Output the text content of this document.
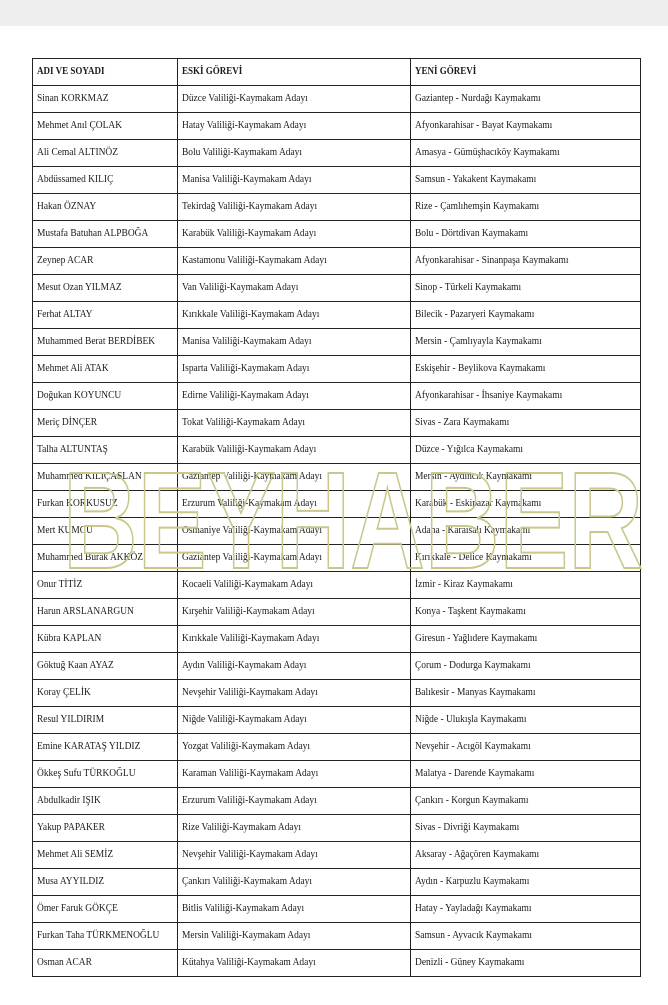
ADI VE SOYADI	ESKİ GÖREVİ	YENİ GÖREVİ
Sinan KORKMAZ	Düzce Valiliği-Kaymakam Adayı	Gaziantep - Nurdağı Kaymakamı
Mehmet Anıl ÇOLAK	Hatay Valiliği-Kaymakam Adayı	Afyonkarahisar - Bayat Kaymakamı
Ali Cemal ALTINÖZ	Bolu Valiliği-Kaymakam Adayı	Amasya - Gümüşhacıköy Kaymakamı
Abdüssamed KILIÇ	Manisa Valiliği-Kaymakam Adayı	Samsun - Yakakent Kaymakamı
Hakan ÖZNAY	Tekirdağ Valiliği-Kaymakam Adayı	Rize - Çamlıhemşin Kaymakamı
Mustafa Batuhan ALPBOĞA	Karabük Valiliği-Kaymakam Adayı	Bolu - Dörtdivan Kaymakamı
Zeynep ACAR	Kastamonu Valiliği-Kaymakam Adayı	Afyonkarahisar - Sinanpaşa Kaymakamı
Mesut Ozan YILMAZ	Van Valiliği-Kaymakam Adayı	Sinop - Türkeli Kaymakamı
Ferhat ALTAY	Kırıkkale Valiliği-Kaymakam Adayı	Bilecik - Pazaryeri Kaymakamı
Muhammed Berat BERDİBEK	Manisa Valiliği-Kaymakam Adayı	Mersin - Çamlıyayla Kaymakamı
Mehmet Ali ATAK	Isparta Valiliği-Kaymakam Adayı	Eskişehir - Beylikova Kaymakamı
Doğukan KOYUNCU	Edirne Valiliği-Kaymakam Adayı	Afyonkarahisar - İhsaniye Kaymakamı
Meriç DİNÇER	Tokat Valiliği-Kaymakam Adayı	Sivas - Zara Kaymakamı
Talha ALTUNTAŞ	Karabük Valiliği-Kaymakam Adayı	Düzce - Yığılca Kaymakamı
Muhammed KILIÇASLAN	Gaziantep Valiliği-Kaymakam Adayı	Mersin - Aydıncık Kaymakamı
Furkan KORKUSUZ	Erzurum Valiliği-Kaymakam Adayı	Karabük - Eskipazar Kaymakamı
Mert KUMCU	Osmaniye Valiliği-Kaymakam Adayı	Adana - Karaisalı Kaymakamı
Muhammed Burak AKKÖZ	Gaziantep Valiliği-Kaymakam Adayı	Kırıkkale - Delice Kaymakamı
Onur TİTİZ	Kocaeli Valiliği-Kaymakam Adayı	İzmir - Kiraz Kaymakamı
Harun ARSLANARGUN	Kırşehir Valiliği-Kaymakam Adayı	Konya - Taşkent Kaymakamı
Kübra KAPLAN	Kırıkkale Valiliği-Kaymakam Adayı	Giresun - Yağlıdere Kaymakamı
Göktuğ Kaan AYAZ	Aydın Valiliği-Kaymakam Adayı	Çorum - Dodurga Kaymakamı
Koray ÇELİK	Nevşehir Valiliği-Kaymakam Adayı	Balıkesir - Manyas Kaymakamı
Resul YILDIRIM	Niğde Valiliği-Kaymakam Adayı	Niğde - Ulukışla Kaymakamı
Emine KARATAŞ YILDIZ	Yozgat Valiliği-Kaymakam Adayı	Nevşehir - Acıgöl Kaymakamı
Ökkeş Sufu TÜRKOĞLU	Karaman Valiliği-Kaymakam Adayı	Malatya - Darende Kaymakamı
Abdulkadir IŞIK	Erzurum Valiliği-Kaymakam Adayı	Çankırı - Korgun Kaymakamı
Yakup PAPAKER	Rize Valiliği-Kaymakam Adayı	Sivas - Divriği Kaymakamı
Mehmet Ali SEMİZ	Nevşehir Valiliği-Kaymakam Adayı	Aksaray - Ağaçören Kaymakamı
Musa AYYILDIZ	Çankırı Valiliği-Kaymakam Adayı	Aydın - Karpuzlu Kaymakamı
Ömer Faruk GÖKÇE	Bitlis Valiliği-Kaymakam Adayı	Hatay - Yayladağı Kaymakamı
Furkan Taha TÜRKMENOĞLU	Mersin Valiliği-Kaymakam Adayı	Samsun - Ayvacık Kaymakamı
Osman ACAR	Kütahya Valiliği-Kaymakam Adayı	Denizli - Güney Kaymakamı
BEYHABER
